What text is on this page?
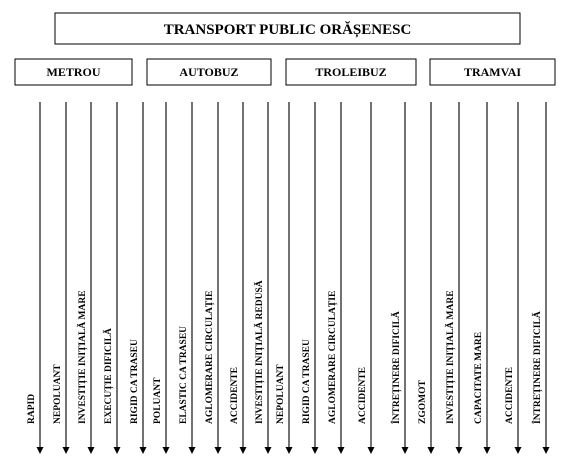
TRANSPORT PUBLIC ORĂȘENESC
METROU	AUTOBUZ	TROLEIBUZ	TRAMVAI
RAPID NEPOLUANT INVESTIȚIE INIȚIALĂ MARE EXECUȚIE DIFICILĂ RIGID CA TRASEU POLUANT ELASTIC CA TRASEU AGLOMERARE CIRCULAȚIE ACCIDENTE INVESTIȚIE INIȚIALĂ REDUSĂ NEPOLUANT RIGID CA TRASEU AGLOMERARE CIRCULAȚIE ACCIDENTE	ÎNTREȚINERE DIFICILĂ ZGOMOT INVESTIȚIE INIȚIALĂ MARE CAPACITATE MARE ACCIDENTE ÎNTREȚINERE DIFICILĂ
